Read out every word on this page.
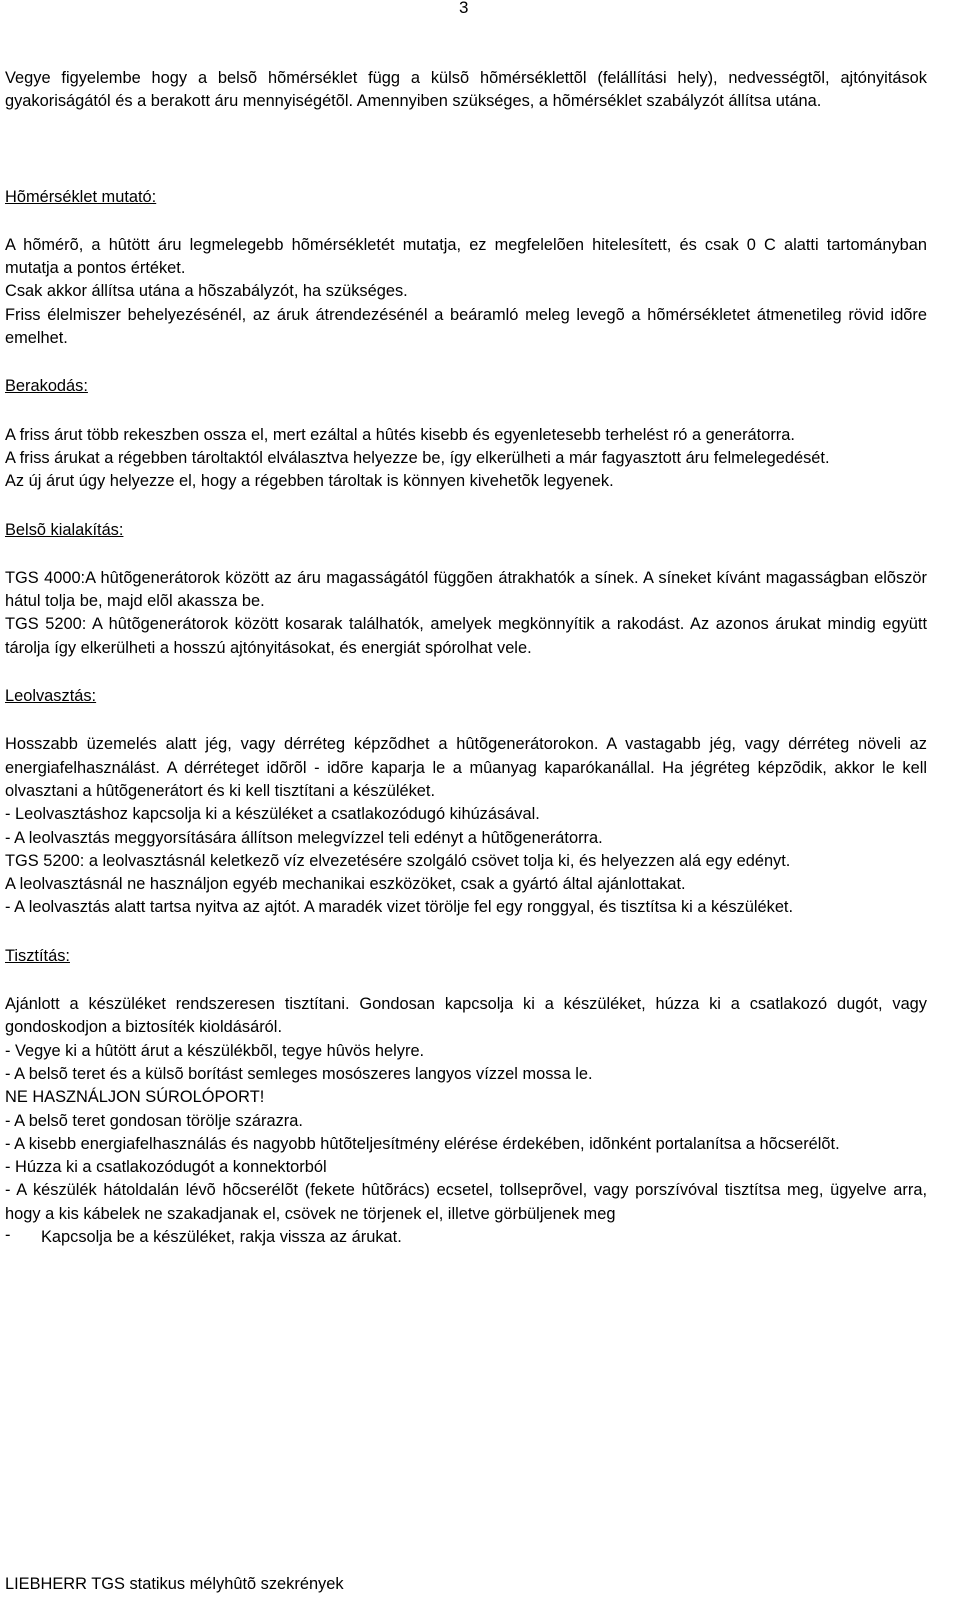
3

Vegye figyelembe hogy a belsõ hõmérséklet függ a külsõ hõmérséklettõl (felállítási hely), nedvességtõl, ajtónyitások gyakoriságától és a berakott áru mennyiségétõl. Amennyiben szükséges, a hõmérséklet szabályzót állítsa utána.

Hõmérséklet mutató:

A hõmérõ, a hûtött áru legmelegebb hõmérsékletét mutatja, ez megfelelõen hitelesített, és csak 0 C alatti tartományban mutatja a pontos értéket.

Csak akkor állítsa utána a hõszabályzót, ha szükséges.

Friss élelmiszer behelyezésénél, az áruk átrendezésénél a beáramló meleg levegõ a hõmérsékletet átmenetileg rövid idõre emelhet.

Berakodás:

A friss árut több rekeszben ossza el, mert ezáltal a hûtés kisebb és egyenletesebb terhelést ró a generátorra.

A friss árukat a régebben tároltaktól elválasztva helyezze be, így elkerülheti a már fagyasztott áru felmelegedését.

Az új árut úgy helyezze el, hogy a régebben tároltak is könnyen kivehetõk legyenek.

Belsõ kialakítás:

TGS 4000:A hûtõgenerátorok között az áru magasságától függõen átrakhatók a sínek. A síneket kívánt magasságban elõször hátul tolja be, majd elõl akassza be.

TGS 5200: A hûtõgenerátorok között kosarak találhatók, amelyek megkönnyítik a rakodást. Az azonos árukat mindig együtt tárolja így elkerülheti a hosszú ajtónyitásokat, és energiát spórolhat vele.

Leolvasztás:

Hosszabb üzemelés alatt jég, vagy dérréteg képzõdhet a hûtõgenerátorokon. A vastagabb jég, vagy dérréteg növeli az energiafelhasználást. A dérréteget idõrõl - idõre kaparja le a mûanyag kaparókanállal. Ha jégréteg képzõdik, akkor le kell olvasztani a hûtõgenerátort és ki kell tisztítani a készüléket.

- Leolvasztáshoz kapcsolja ki a készüléket a csatlakozódugó kihúzásával.

- A leolvasztás meggyorsítására állítson melegvízzel teli edényt a hûtõgenerátorra.

TGS 5200: a leolvasztásnál keletkezõ víz elvezetésére szolgáló csövet tolja ki, és helyezzen alá egy edényt.

A leolvasztásnál ne használjon egyéb mechanikai eszközöket, csak a gyártó által ajánlottakat.

- A leolvasztás alatt tartsa nyitva az ajtót. A maradék vizet törölje fel egy ronggyal, és tisztítsa ki a készüléket.

Tisztítás:

Ajánlott a készüléket rendszeresen tisztítani. Gondosan kapcsolja ki a készüléket, húzza ki a csatlakozó dugót, vagy gondoskodjon a biztosíték kioldásáról.

- Vegye ki a hûtött árut a készülékbõl, tegye hûvös helyre.

- A belsõ teret és a külsõ borítást semleges mosószeres langyos vízzel mossa le.

NE HASZNÁLJON SÚROLÓPORT!

- A belsõ teret gondosan törölje szárazra.

- A kisebb energiafelhasználás és nagyobb hûtõteljesítmény elérése érdekében, idõnként portalanítsa a hõcserélõt.

- Húzza ki a csatlakozódugót a konnektorból

- A készülék hátoldalán lévõ hõcserélõt (fekete hûtõrács) ecsetel, tollseprõvel, vagy porszívóval tisztítsa meg, ügyelve arra, hogy a kis kábelek ne szakadjanak el, csövek ne törjenek el, illetve görbüljenek meg

-	Kapcsolja be a készüléket, rakja vissza az árukat.

LIEBHERR TGS statikus mélyhûtõ szekrények
